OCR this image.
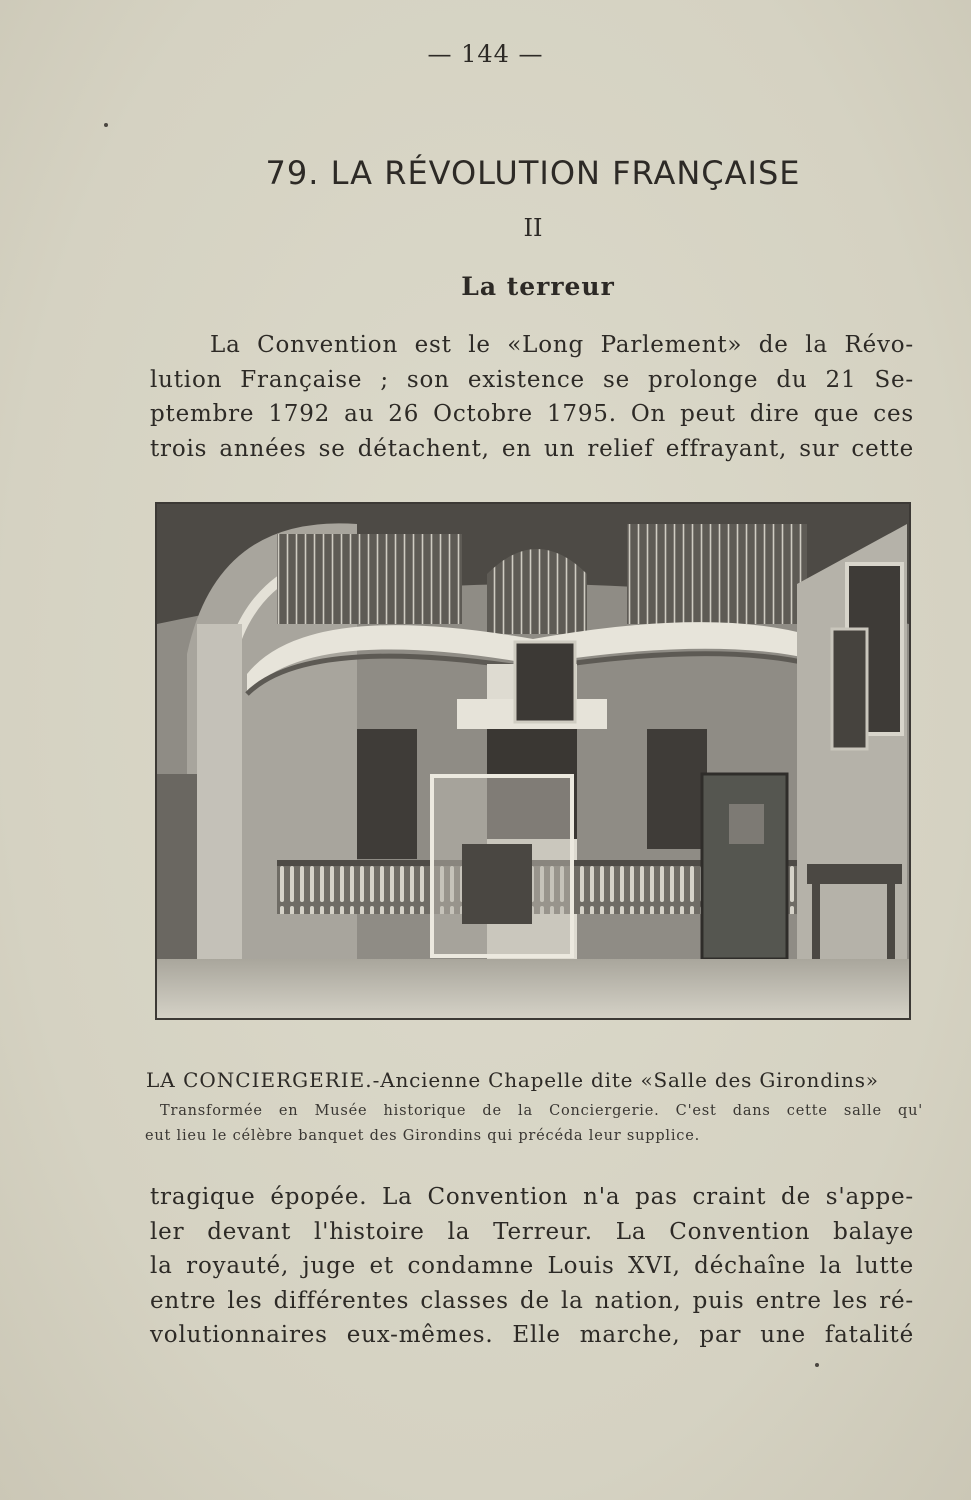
— 144 —
79. LA RÉVOLUTION FRANÇAISE
II
La terreur
La Convention est le «Long Parlement» de la Révo-
lution Française ; son existence se prolonge du 21 Se-
ptembre 1792 au 26 Octobre 1795. On peut dire que ces
trois années se détachent, en un relief effrayant, sur cette
LA CONCIERGERIE.-Ancienne Chapelle dite «Salle des Girondins»
Transformée en Musée historique de la Conciergerie. C'est dans cette salle qu'
eut lieu le célèbre banquet des Girondins qui précéda leur supplice.
tragique épopée. La Convention n'a pas craint de s'appe-
ler devant l'histoire la Terreur. La Convention balaye
la royauté, juge et condamne Louis XVI, déchaîne la lutte
entre les différentes classes de la nation, puis entre les ré-
volutionnaires eux-mêmes. Elle marche, par une fatalité
